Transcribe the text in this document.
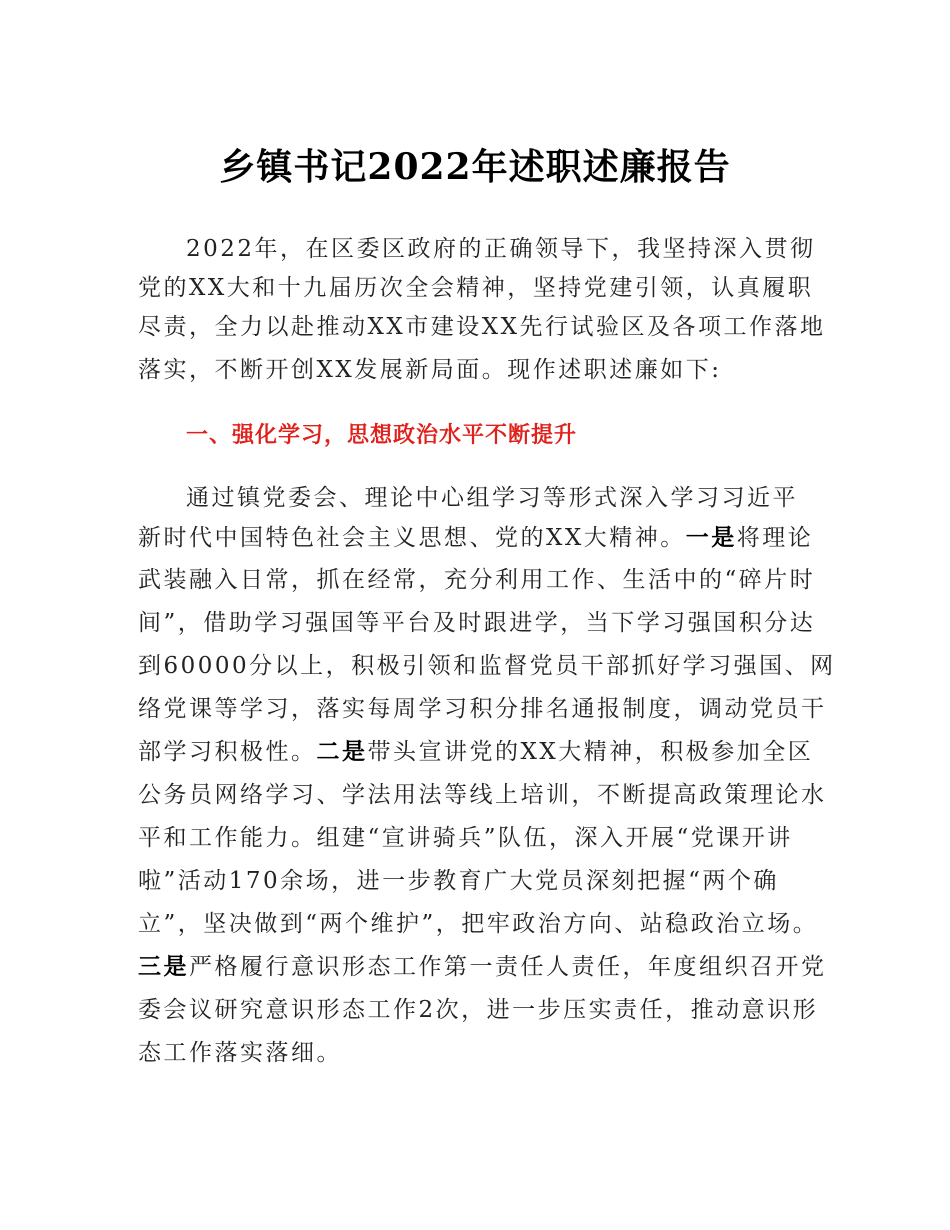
乡镇书记2022年述职述廉报告
2022年，在区委区政府的正确领导下，我坚持深入贯彻
党的XX大和十九届历次全会精神，坚持党建引领，认真履职
尽责，全力以赴推动XX市建设XX先行试验区及各项工作落地
落实，不断开创XX发展新局面。现作述职述廉如下:
一、强化学习，思想政治水平不断提升
通过镇党委会、理论中心组学习等形式深入学习习近平
新时代中国特色社会主义思想、党的XX大精神。一是将理论
武装融入日常，抓在经常，充分利用工作、生活中的“碎片时
间”，借助学习强国等平台及时跟进学，当下学习强国积分达
到60000分以上，积极引领和监督党员干部抓好学习强国、网
络党课等学习，落实每周学习积分排名通报制度，调动党员干
部学习积极性。二是带头宣讲党的XX大精神，积极参加全区
公务员网络学习、学法用法等线上培训，不断提高政策理论水
平和工作能力。组建“宣讲骑兵”队伍，深入开展“党课开讲
啦”活动170余场，进一步教育广大党员深刻把握“两个确
立”，坚决做到“两个维护”，把牢政治方向、站稳政治立场。
三是严格履行意识形态工作第一责任人责任，年度组织召开党
委会议研究意识形态工作2次，进一步压实责任，推动意识形
态工作落实落细。
